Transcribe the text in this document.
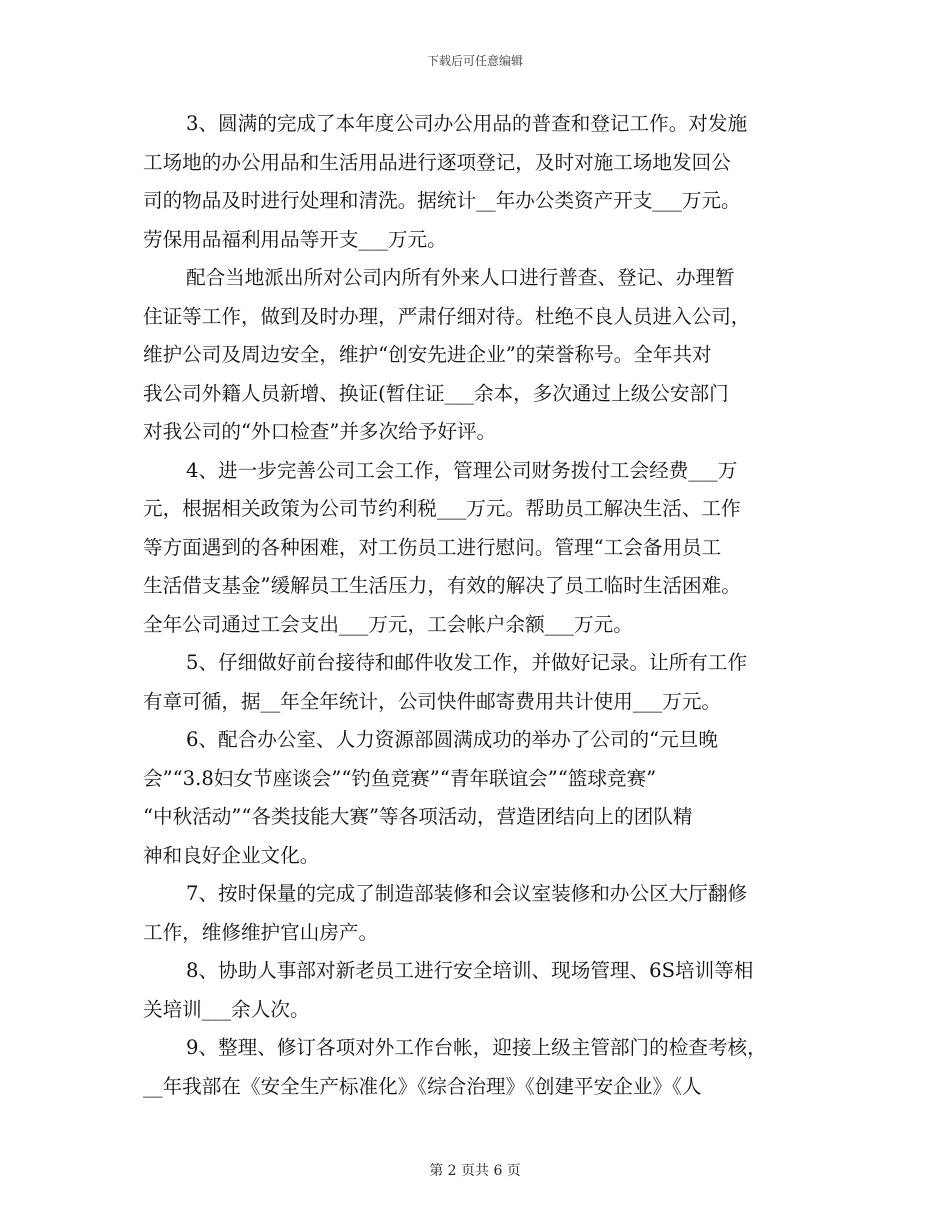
下载后可任意编辑
3、圆满的完成了本年度公司办公用品的普查和登记工作。对发施
工场地的办公用品和生活用品进行逐项登记，及时对施工场地发回公
司的物品及时进行处理和清洗。据统计__年办公类资产开支___万元。
劳保用品福利用品等开支___万元。
配合当地派出所对公司内所有外来人口进行普查、登记、办理暂
住证等工作，做到及时办理，严肃仔细对待。杜绝不良人员进入公司，
维护公司及周边安全，维护“创安先进企业”的荣誉称号。全年共对
我公司外籍人员新增、换证(暂住证___余本，多次通过上级公安部门
对我公司的“外口检查”并多次给予好评。
4、进一步完善公司工会工作，管理公司财务拨付工会经费___万
元，根据相关政策为公司节约利税___万元。帮助员工解决生活、工作
等方面遇到的各种困难，对工伤员工进行慰问。管理“工会备用员工
生活借支基金”缓解员工生活压力，有效的解决了员工临时生活困难。
全年公司通过工会支出___万元，工会帐户余额___万元。
5、仔细做好前台接待和邮件收发工作，并做好记录。让所有工作
有章可循，据__年全年统计，公司快件邮寄费用共计使用___万元。
6、配合办公室、人力资源部圆满成功的举办了公司的“元旦晚
会”“3.8妇女节座谈会”“钓鱼竞赛”“青年联谊会”“篮球竞赛”
“中秋活动”“各类技能大赛”等各项活动，营造团结向上的团队精
神和良好企业文化。
7、按时保量的完成了制造部装修和会议室装修和办公区大厅翻修
工作，维修维护官山房产。
8、协助人事部对新老员工进行安全培训、现场管理、6S培训等相
关培训___余人次。
9、整理、修订各项对外工作台帐，迎接上级主管部门的检查考核，
__年我部在《安全生产标准化》《综合治理》《创建平安企业》《人
第 2 页共 6 页
